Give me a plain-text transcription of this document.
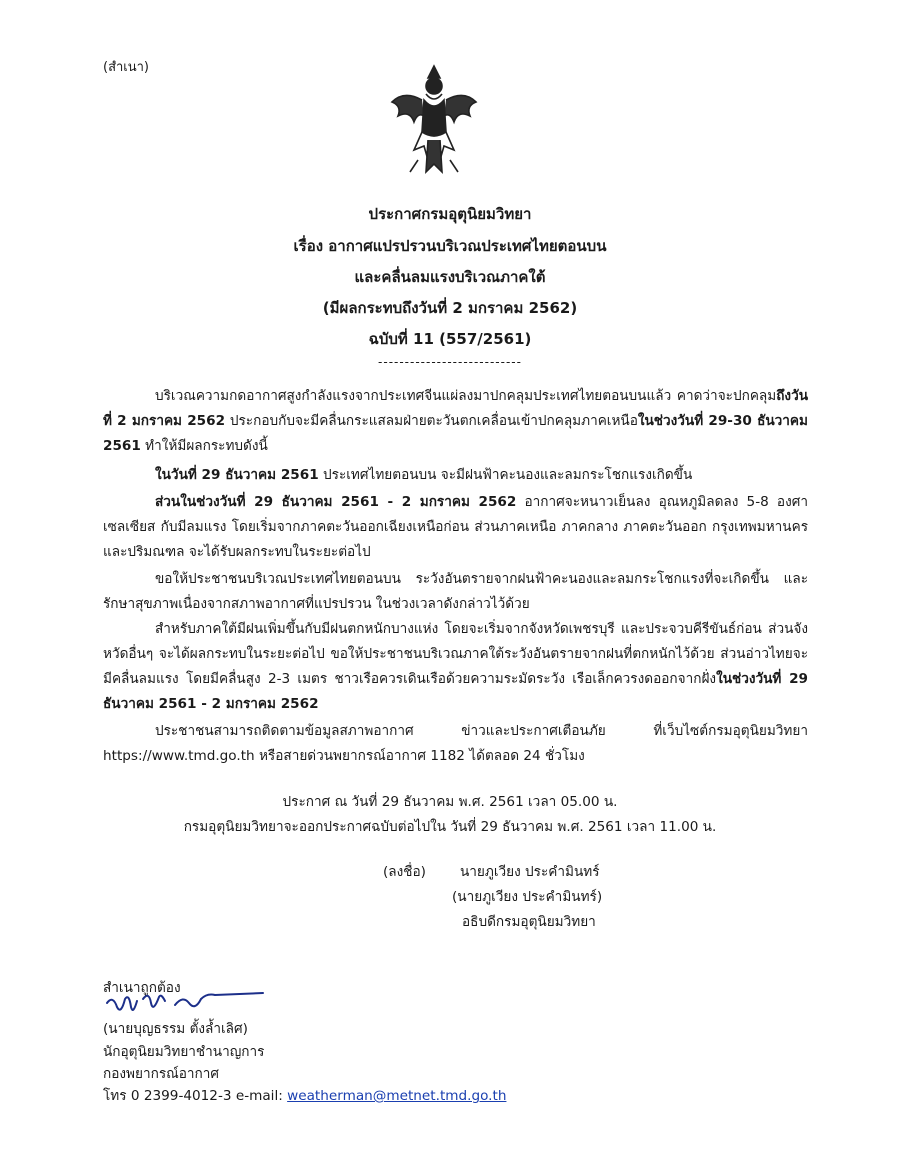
(สำเนา)
ประกาศกรมอุตุนิยมวิทยา
เรื่อง อากาศแปรปรวนบริเวณประเทศไทยตอนบน
และคลื่นลมแรงบริเวณภาคใต้
(มีผลกระทบถึงวันที่ 2 มกราคม 2562)
ฉบับที่ 11 (557/2561)
---------------------------
บริเวณความกดอากาศสูงกำลังแรงจากประเทศจีนแผ่ลงมาปกคลุมประเทศไทยตอนบนแล้ว คาดว่าจะปกคลุมถึงวันที่ 2 มกราคม 2562 ประกอบกับจะมีคลื่นกระแสลมฝ่ายตะวันตกเคลื่อนเข้าปกคลุมภาคเหนือในช่วงวันที่ 29-30 ธันวาคม 2561 ทำให้มีผลกระทบดังนี้
ในวันที่ 29 ธันวาคม 2561 ประเทศไทยตอนบน จะมีฝนฟ้าคะนองและลมกระโชกแรงเกิดขึ้น
ส่วนในช่วงวันที่ 29 ธันวาคม 2561 - 2 มกราคม 2562 อากาศจะหนาวเย็นลง อุณหภูมิลดลง 5-8 องศาเซลเซียส กับมีลมแรง โดยเริ่มจากภาคตะวันออกเฉียงเหนือก่อน ส่วนภาคเหนือ ภาคกลาง ภาคตะวันออก กรุงเทพมหานครและปริมณฑล จะได้รับผลกระทบในระยะต่อไป
ขอให้ประชาชนบริเวณประเทศไทยตอนบน ระวังอันตรายจากฝนฟ้าคะนองและลมกระโชกแรงที่จะเกิดขึ้น และรักษาสุขภาพเนื่องจากสภาพอากาศที่แปรปรวน ในช่วงเวลาดังกล่าวไว้ด้วย
สำหรับภาคใต้มีฝนเพิ่มขึ้นกับมีฝนตกหนักบางแห่ง โดยจะเริ่มจากจังหวัดเพชรบุรี และประจวบคีรีขันธ์ก่อน ส่วนจังหวัดอื่นๆ จะได้ผลกระทบในระยะต่อไป ขอให้ประชาชนบริเวณภาคใต้ระวังอันตรายจากฝนที่ตกหนักไว้ด้วย ส่วนอ่าวไทยจะมีคลื่นลมแรง โดยมีคลื่นสูง 2-3 เมตร ชาวเรือควรเดินเรือด้วยความระมัดระวัง เรือเล็กควรงดออกจากฝั่งในช่วงวันที่ 29 ธันวาคม 2561 - 2 มกราคม 2562
ประชาชนสามารถติดตามข้อมูลสภาพอากาศ ข่าวและประกาศเตือนภัย ที่เว็บไซต์กรมอุตุนิยมวิทยา https://www.tmd.go.th หรือสายด่วนพยากรณ์อากาศ 1182 ได้ตลอด 24 ชั่วโมง
ประกาศ ณ วันที่ 29 ธันวาคม พ.ศ. 2561 เวลา 05.00 น.
กรมอุตุนิยมวิทยาจะออกประกาศฉบับต่อไปใน วันที่ 29 ธันวาคม พ.ศ. 2561 เวลา 11.00 น.
(ลงชื่อ)	นายภูเวียง ประคำมินทร์
(นายภูเวียง ประคำมินทร์)
อธิบดีกรมอุตุนิยมวิทยา
สำเนาถูกต้อง
(นายบุญธรรม ตั้งล้ำเลิศ)
นักอุตุนิยมวิทยาชำนาญการ
กองพยากรณ์อากาศ
โทร 0 2399-4012-3 e-mail: weatherman@metnet.tmd.go.th
